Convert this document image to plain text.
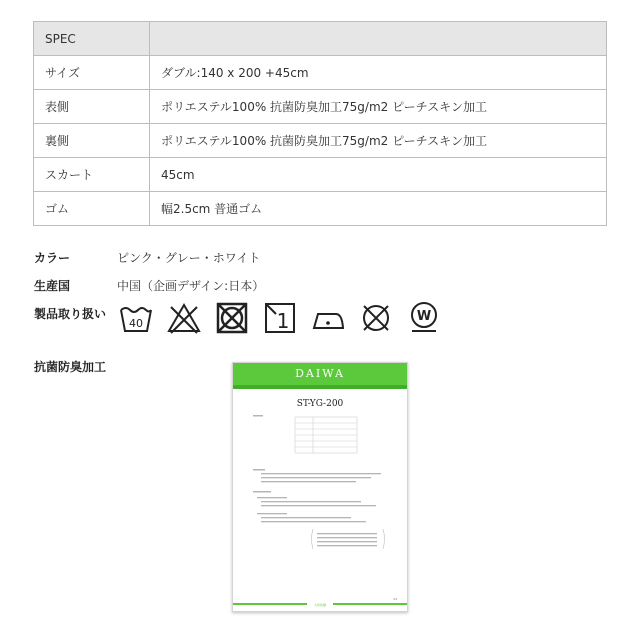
SPEC	
サイズ	ダブル:140 x 200 +45cm
表側	ポリエステル100% 抗菌防臭加工75g/m2 ピーチスキン加工
裏側	ポリエステル100% 抗菌防臭加工75g/m2 ピーチスキン加工
スカート	45cm
ゴム	幅2.5cm 普通ゴム
カラー	ピンク・グレー・ホワイト
生産国	中国（企画デザイン:日本）
製品取り扱い
抗菌防臭加工
40	1	W
DAIWA
ST-YG-200
13
大和紡績
